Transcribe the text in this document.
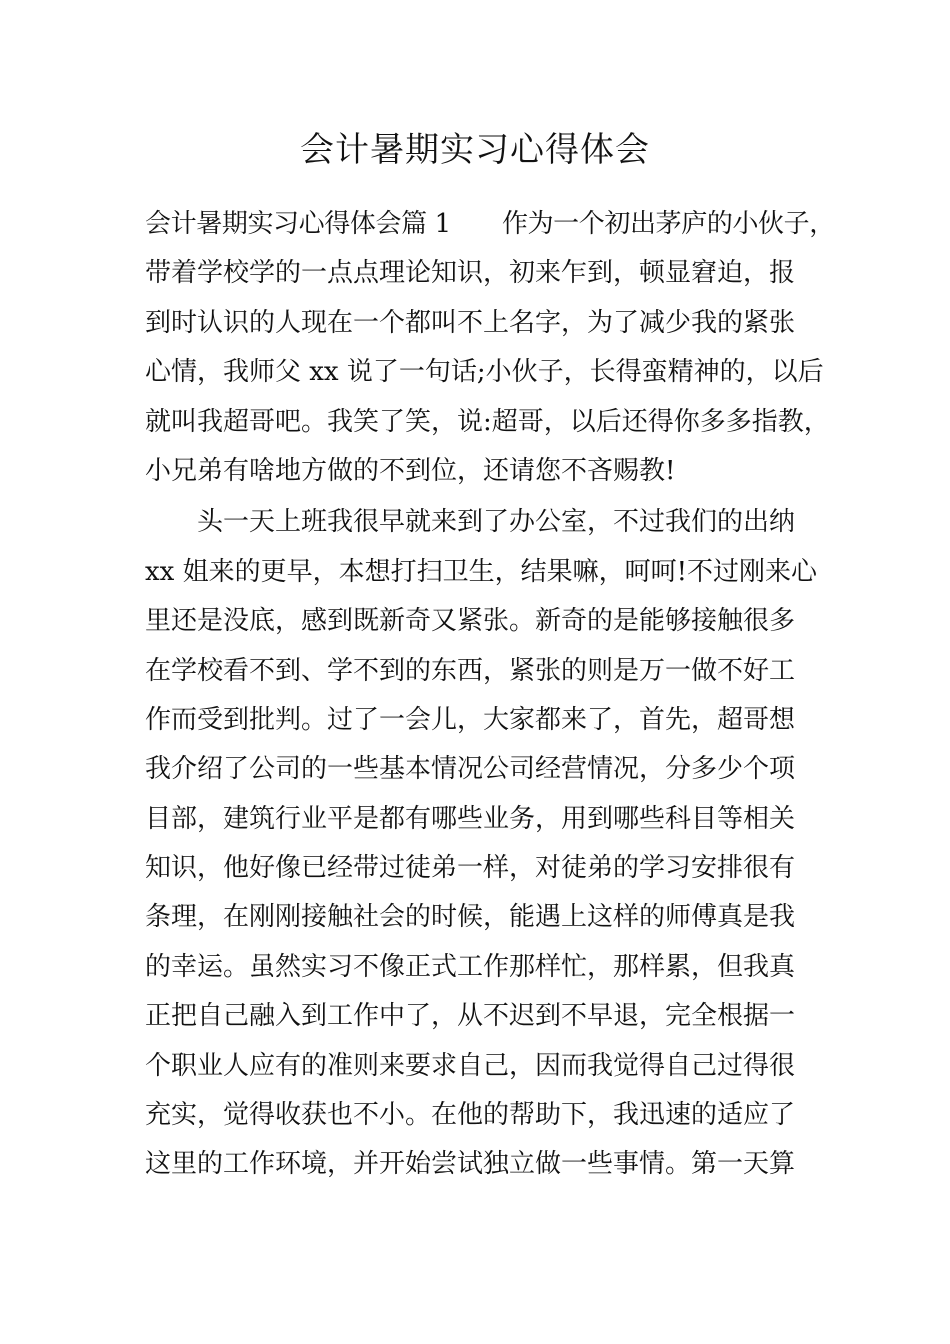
会计暑期实习心得体会
会计暑期实习心得体会篇 1　　作为一个初出茅庐的小伙子，
带着学校学的一点点理论知识，初来乍到，顿显窘迫，报
到时认识的人现在一个都叫不上名字，为了减少我的紧张
心情，我师父 xx 说了一句话;小伙子，长得蛮精神的，以后
就叫我超哥吧。我笑了笑，说:超哥，以后还得你多多指教，
小兄弟有啥地方做的不到位，还请您不吝赐教!
　　头一天上班我很早就来到了办公室，不过我们的出纳
xx 姐来的更早，本想打扫卫生，结果嘛，呵呵!不过刚来心
里还是没底，感到既新奇又紧张。新奇的是能够接触很多
在学校看不到、学不到的东西，紧张的则是万一做不好工
作而受到批判。过了一会儿，大家都来了，首先，超哥想
我介绍了公司的一些基本情况公司经营情况，分多少个项
目部，建筑行业平是都有哪些业务，用到哪些科目等相关
知识，他好像已经带过徒弟一样，对徒弟的学习安排很有
条理，在刚刚接触社会的时候，能遇上这样的师傅真是我
的幸运。虽然实习不像正式工作那样忙，那样累，但我真
正把自己融入到工作中了，从不迟到不早退，完全根据一
个职业人应有的准则来要求自己，因而我觉得自己过得很
充实，觉得收获也不小。在他的帮助下，我迅速的适应了
这里的工作环境，并开始尝试独立做一些事情。第一天算
